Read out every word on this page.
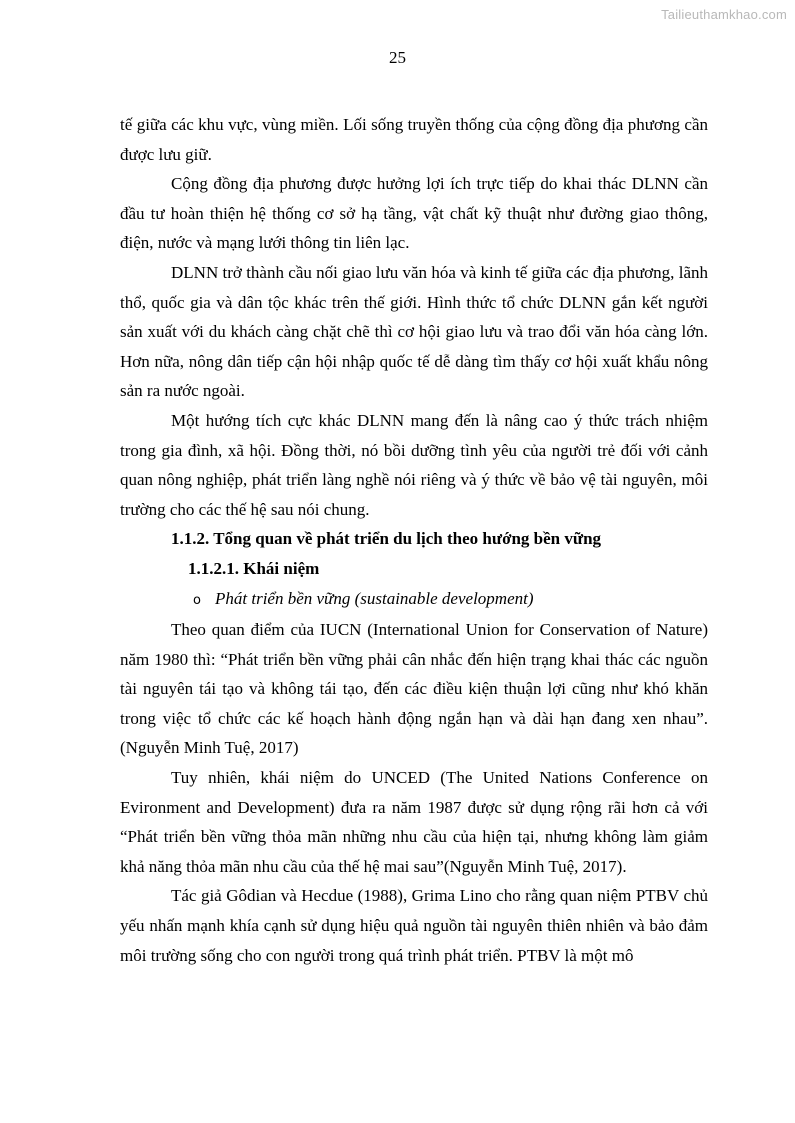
Tailieuthamkhao.com
25

tế giữa các khu vực, vùng miền. Lối sống truyền thống của cộng đồng địa phương cần được lưu giữ.

Cộng đồng địa phương được hưởng lợi ích trực tiếp do khai thác DLNN cần đầu tư hoàn thiện hệ thống cơ sở hạ tầng, vật chất kỹ thuật như đường giao thông, điện, nước và mạng lưới thông tin liên lạc.

DLNN trở thành cầu nối giao lưu văn hóa và kinh tế giữa các địa phương, lãnh thổ, quốc gia và dân tộc khác trên thế giới. Hình thức tổ chức DLNN gắn kết người sản xuất với du khách càng chặt chẽ thì cơ hội giao lưu và trao đổi văn hóa càng lớn. Hơn nữa, nông dân tiếp cận hội nhập quốc tế dễ dàng tìm thấy cơ hội xuất khẩu nông sản ra nước ngoài.

Một hướng tích cực khác DLNN mang đến là nâng cao ý thức trách nhiệm trong gia đình, xã hội. Đồng thời, nó bồi dưỡng tình yêu của người trẻ đối với cảnh quan nông nghiệp, phát triển làng nghề nói riêng và ý thức về bảo vệ tài nguyên, môi trường cho các thế hệ sau nói chung.

1.1.2. Tổng quan về phát triển du lịch theo hướng bền vững

1.1.2.1. Khái niệm

o Phát triển bền vững (sustainable development)

Theo quan điểm của IUCN (International Union for Conservation of Nature) năm 1980 thì: “Phát triển bền vững phải cân nhắc đến hiện trạng khai thác các nguồn tài nguyên tái tạo và không tái tạo, đến các điều kiện thuận lợi cũng như khó khăn trong việc tổ chức các kế hoạch hành động ngắn hạn và dài hạn đang xen nhau”. (Nguyễn Minh Tuệ, 2017)

Tuy nhiên, khái niệm do UNCED (The United Nations Conference on Evironment and Development) đưa ra năm 1987 được sử dụng rộng rãi hơn cả với “Phát triển bền vững thỏa mãn những nhu cầu của hiện tại, nhưng không làm giảm khả năng thỏa mãn nhu cầu của thế hệ mai sau”(Nguyễn Minh Tuệ, 2017).

Tác giả Gôdian và Hecdue (1988), Grima Lino cho rằng quan niệm PTBV chủ yếu nhấn mạnh khía cạnh sử dụng hiệu quả nguồn tài nguyên thiên nhiên và bảo đảm môi trường sống cho con người trong quá trình phát triển. PTBV là một mô
